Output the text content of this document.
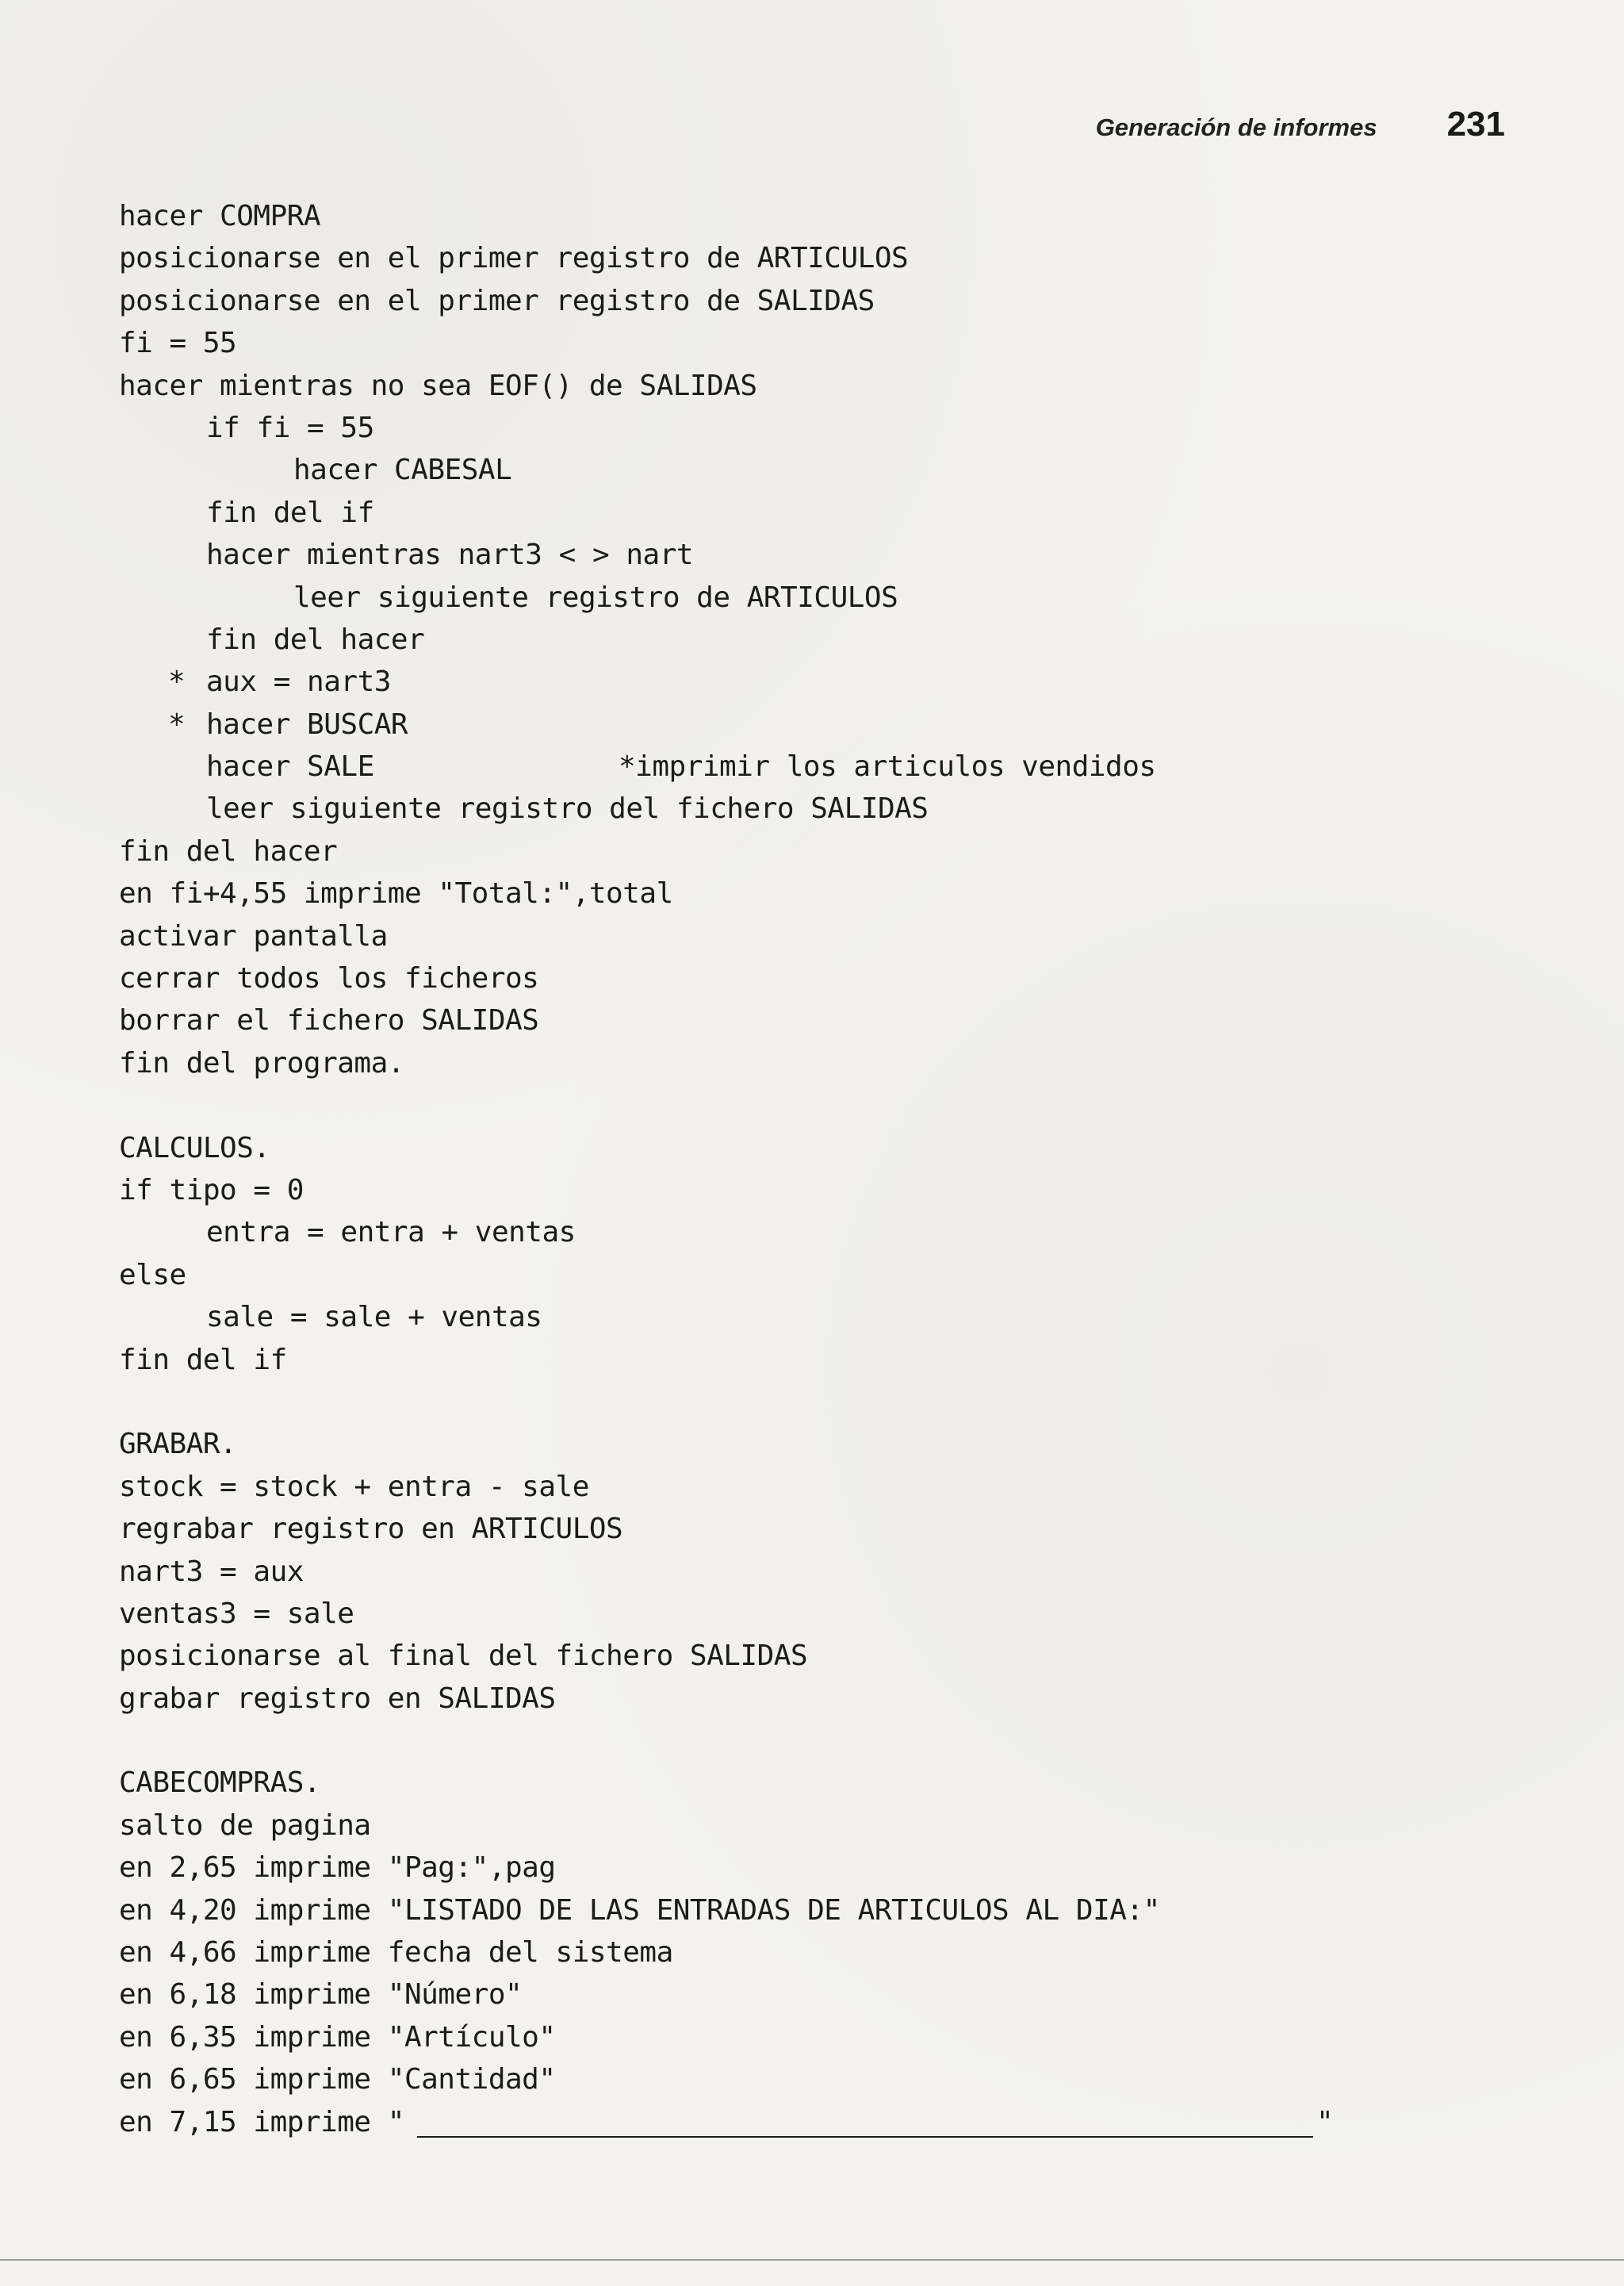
Generación de informes 231
hacer COMPRA
posicionarse en el primer registro de ARTICULOS
posicionarse en el primer registro de SALIDAS
fi = 55
hacer mientras no sea EOF() de SALIDAS
if fi = 55
hacer CABESAL
fin del if
hacer mientras nart3 < > nart
leer siguiente registro de ARTICULOS
fin del hacer
* aux = nart3
* hacer BUSCAR
hacer SALE	*imprimir los articulos vendidos
leer siguiente registro del fichero SALIDAS
fin del hacer
en fi+4,55 imprime "Total:",total
activar pantalla
cerrar todos los ficheros
borrar el fichero SALIDAS
fin del programa.
CALCULOS.
if tipo = 0
entra = entra + ventas
else
sale = sale + ventas
fin del if
GRABAR.
stock = stock + entra - sale
regrabar registro en ARTICULOS
nart3 = aux
ventas3 = sale
posicionarse al final del fichero SALIDAS
grabar registro en SALIDAS
CABECOMPRAS.
salto de pagina
en 2,65 imprime "Pag:",pag
en 4,20 imprime "LISTADO DE LAS ENTRADAS DE ARTICULOS AL DIA:"
en 4,66 imprime fecha del sistema
en 6,18 imprime "Número"
en 6,35 imprime "Artículo"
en 6,65 imprime "Cantidad"
en 7,15 imprime "	"
